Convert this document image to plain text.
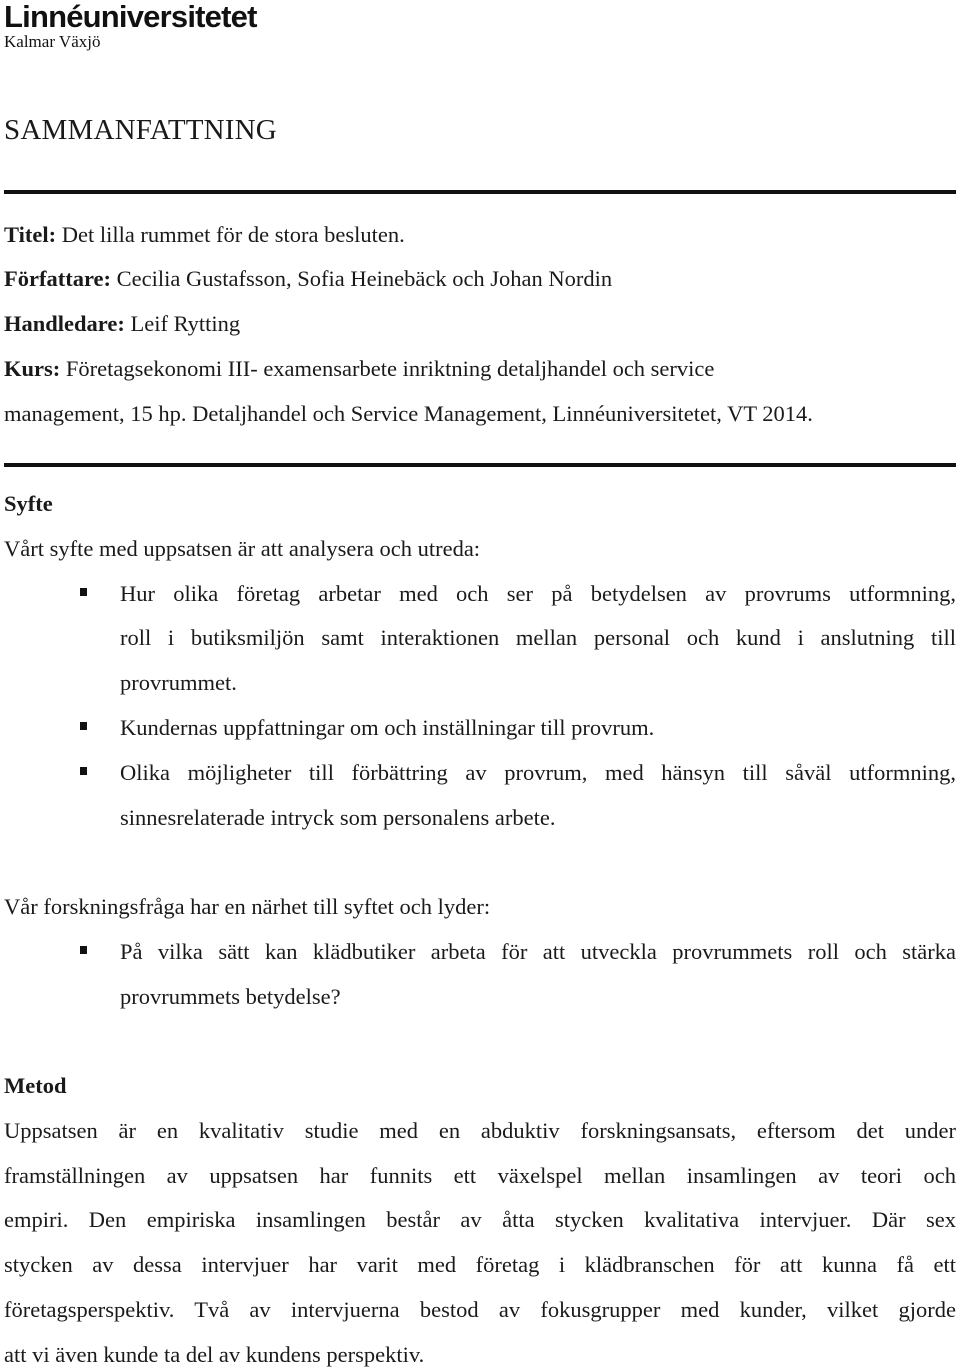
Linnéuniversitetet
Kalmar Växjö
SAMMANFATTNING
Titel: Det lilla rummet för de stora besluten.
Författare: Cecilia Gustafsson, Sofia Heinebäck och Johan Nordin
Handledare: Leif Rytting
Kurs: Företagsekonomi III- examensarbete inriktning detaljhandel och service
management, 15 hp. Detaljhandel och Service Management, Linnéuniversitetet, VT 2014.
Syfte
Vårt syfte med uppsatsen är att analysera och utreda:
Hur olika företag arbetar med och ser på betydelsen av provrums utformning,
roll i butiksmiljön samt interaktionen mellan personal och kund i anslutning till
provrummet.
Kundernas uppfattningar om och inställningar till provrum.
Olika möjligheter till förbättring av provrum, med hänsyn till såväl utformning,
sinnesrelaterade intryck som personalens arbete.
Vår forskningsfråga har en närhet till syftet och lyder:
På vilka sätt kan klädbutiker arbeta för att utveckla provrummets roll och stärka
provrummets betydelse?
Metod
Uppsatsen är en kvalitativ studie med en abduktiv forskningsansats, eftersom det under
framställningen av uppsatsen har funnits ett växelspel mellan insamlingen av teori och
empiri. Den empiriska insamlingen består av åtta stycken kvalitativa intervjuer. Där sex
stycken av dessa intervjuer har varit med företag i klädbranschen för att kunna få ett
företagsperspektiv. Två av intervjuerna bestod av fokusgrupper med kunder, vilket gjorde
att vi även kunde ta del av kundens perspektiv.
